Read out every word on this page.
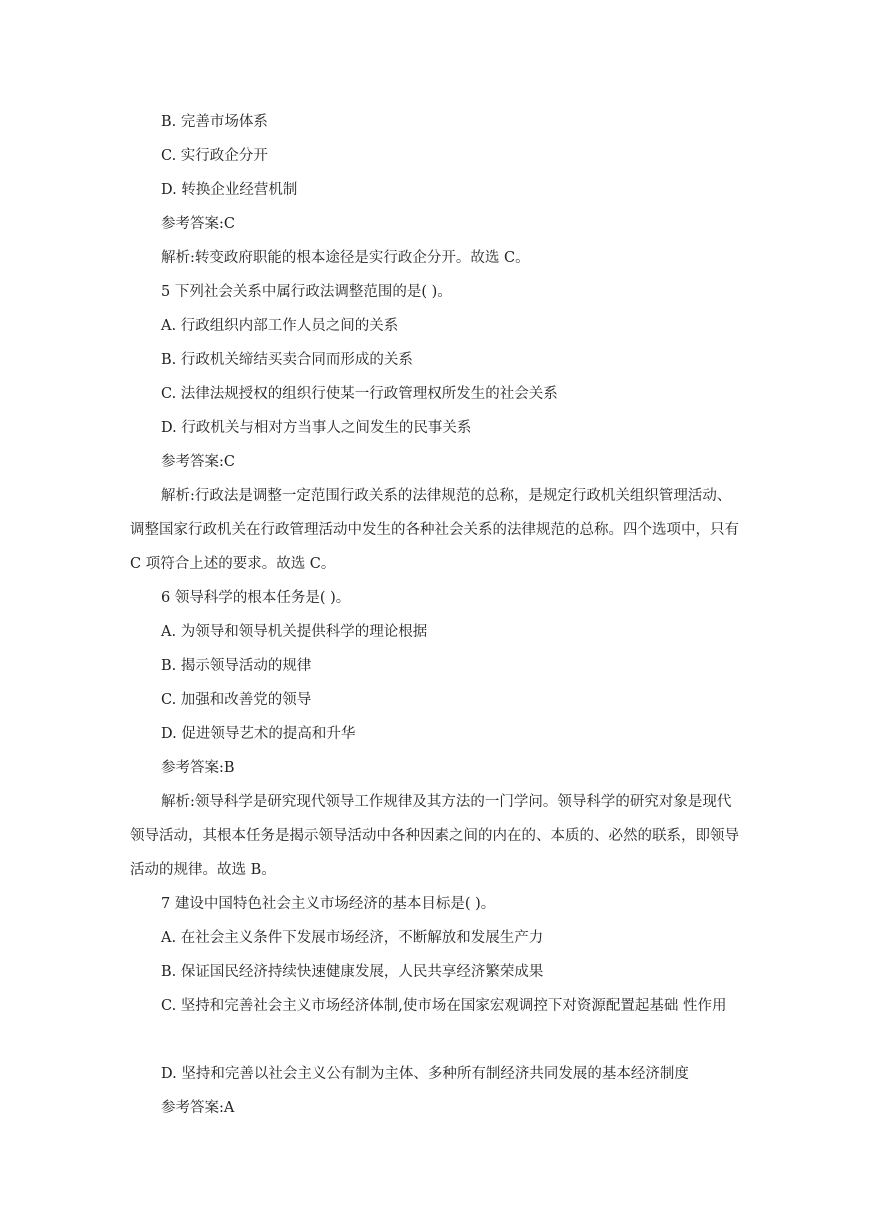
B. 完善市场体系
C. 实行政企分开
D. 转换企业经营机制
参考答案:C
解析:转变政府职能的根本途径是实行政企分开。故选 C。
5 下列社会关系中属行政法调整范围的是( )。
A. 行政组织内部工作人员之间的关系
B. 行政机关缔结买卖合同而形成的关系
C. 法律法规授权的组织行使某一行政管理权所发生的社会关系
D. 行政机关与相对方当事人之间发生的民事关系
参考答案:C
解析:行政法是调整一定范围行政关系的法律规范的总称，是规定行政机关组织管理活动、调整国家行政机关在行政管理活动中发生的各种社会关系的法律规范的总称。四个选项中，只有 C 项符合上述的要求。故选 C。
6 领导科学的根本任务是( )。
A. 为领导和领导机关提供科学的理论根据
B. 揭示领导活动的规律
C. 加强和改善党的领导
D. 促进领导艺术的提高和升华
参考答案:B
解析:领导科学是研究现代领导工作规律及其方法的一门学问。领导科学的研究对象是现代领导活动，其根本任务是揭示领导活动中各种因素之间的内在的、本质的、必然的联系，即领导活动的规律。故选 B。
7 建设中国特色社会主义市场经济的基本目标是( )。
A. 在社会主义条件下发展市场经济，不断解放和发展生产力
B. 保证国民经济持续快速健康发展，人民共享经济繁荣成果
C. 坚持和完善社会主义市场经济体制,使市场在国家宏观调控下对资源配置起基础 性作用
D. 坚持和完善以社会主义公有制为主体、多种所有制经济共同发展的基本经济制度
参考答案:A
